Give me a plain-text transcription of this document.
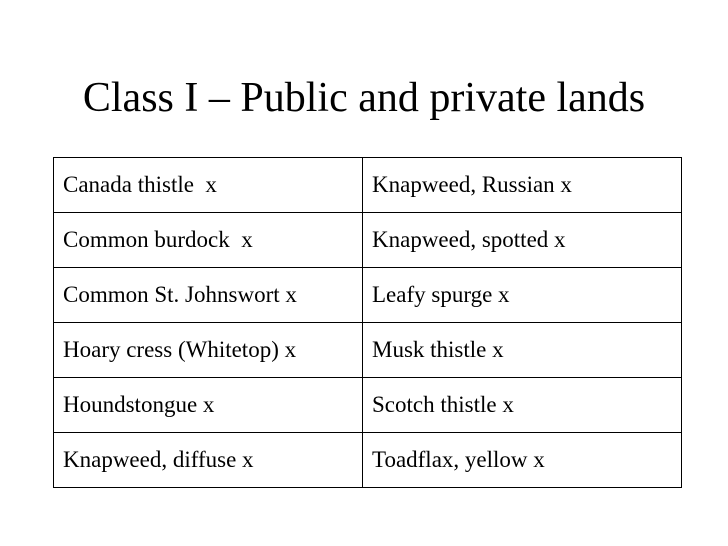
Class I – Public and private lands
Canada thistle  x	Knapweed, Russian x
Common burdock  x	Knapweed, spotted x
Common St. Johnswort x	Leafy spurge x
Hoary cress (Whitetop) x	Musk thistle x
Houndstongue x	Scotch thistle x
Knapweed, diffuse x	Toadflax, yellow x
